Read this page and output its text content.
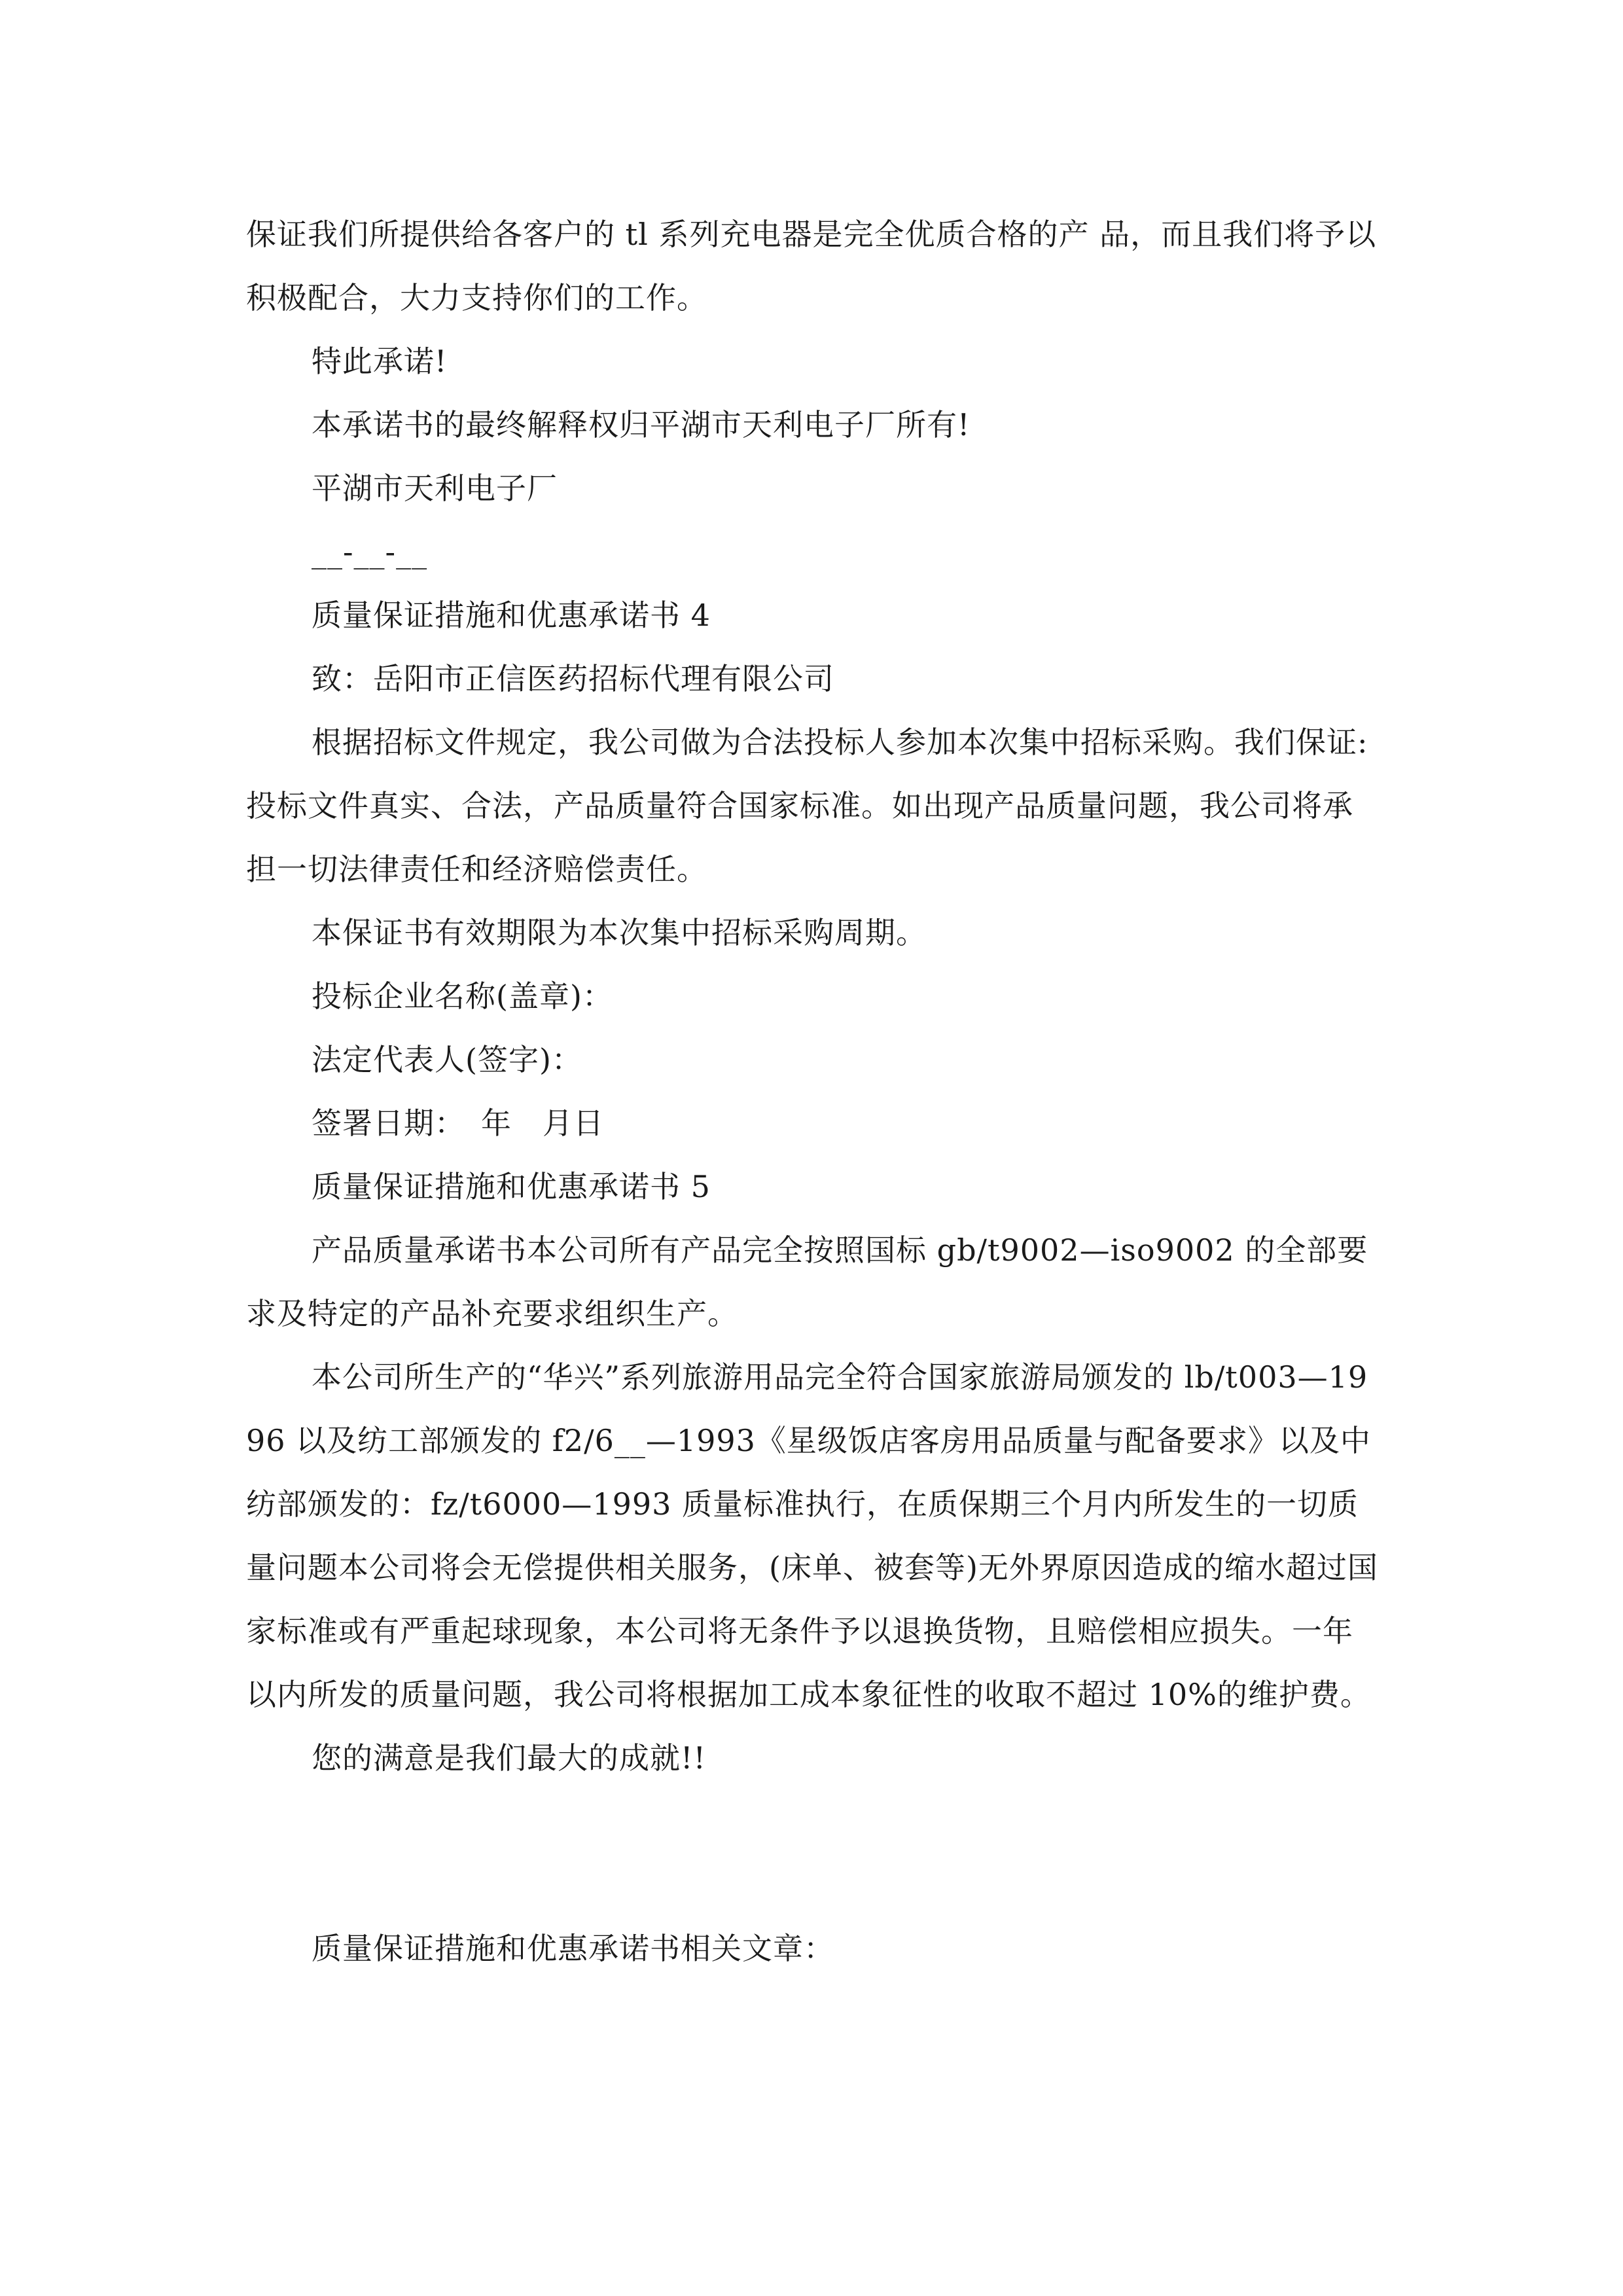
保证我们所提供给各客户的 tl 系列充电器是完全优质合格的产 品，而且我们将予以积极配合，大力支持你们的工作。

特此承诺!

本承诺书的最终解释权归平湖市天利电子厂所有!

平湖市天利电子厂

__-__-__

质量保证措施和优惠承诺书 4

致：岳阳市正信医药招标代理有限公司

根据招标文件规定，我公司做为合法投标人参加本次集中招标采购。我们保证: 投标文件真实、合法，产品质量符合国家标准。如出现产品质量问题，我公司将承担一切法律责任和经济赔偿责任。

本保证书有效期限为本次集中招标采购周期。

投标企业名称(盖章)：

法定代表人(签字)：

签署日期：　年　月日

质量保证措施和优惠承诺书 5

产品质量承诺书本公司所有产品完全按照国标 gb/t9002—iso9002 的全部要求及特定的产品补充要求组织生产。

本公司所生产的“华兴”系列旅游用品完全符合国家旅游局颁发的 lb/t003—1996 以及纺工部颁发的 f2/6__—1993《星级饭店客房用品质量与配备要求》以及中纺部颁发的：fz/t6000—1993 质量标准执行，在质保期三个月内所发生的一切质量问题本公司将会无偿提供相关服务，(床单、被套等)无外界原因造成的缩水超过国家标准或有严重起球现象，本公司将无条件予以退换货物，且赔偿相应损失。一年以内所发的质量问题，我公司将根据加工成本象征性的收取不超过 10%的维护费。

您的满意是我们最大的成就!!

质量保证措施和优惠承诺书相关文章：
